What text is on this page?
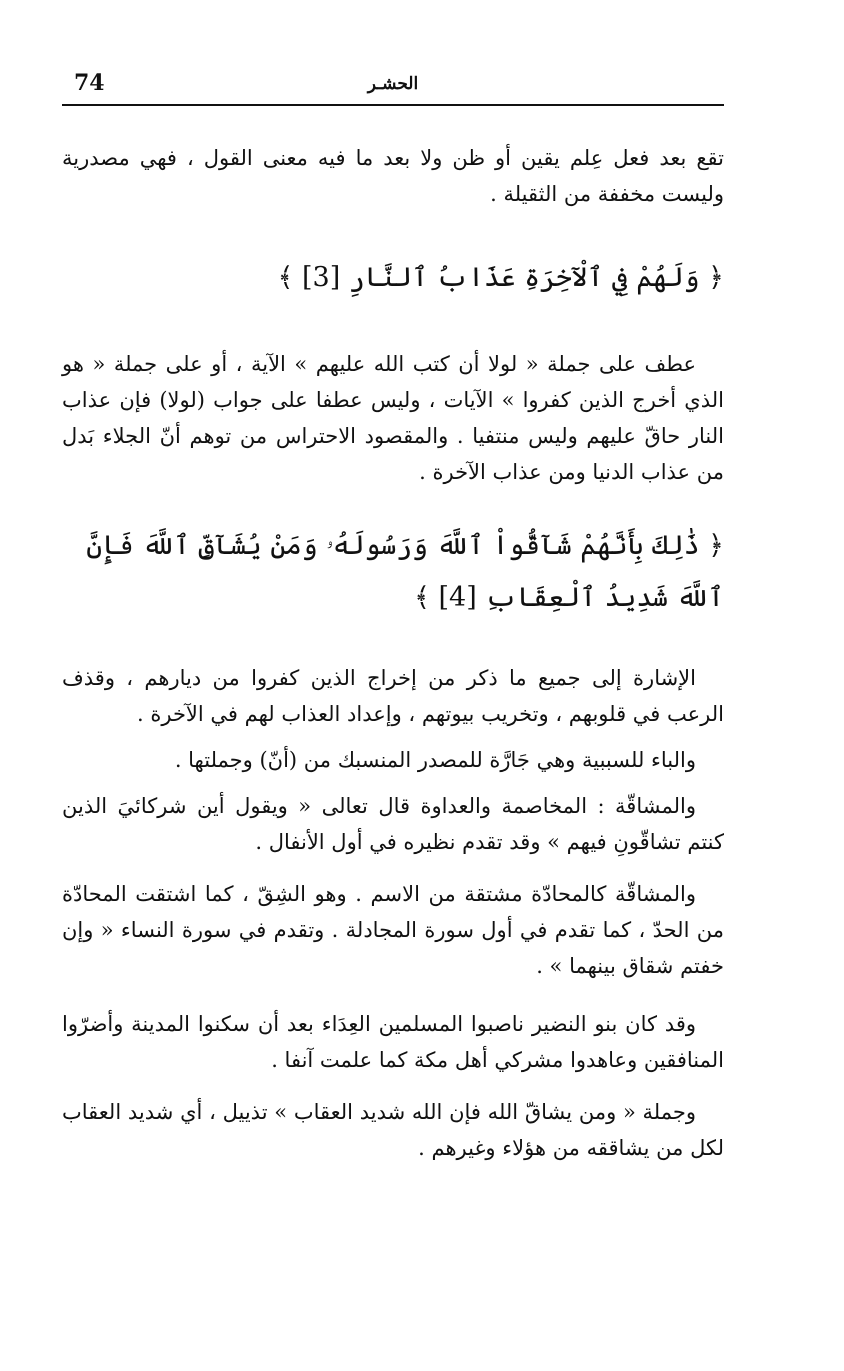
74	الحشـر

تقع بعد فعل عِلم يقين أو ظن ولا بعد ما فيه معنى القول ، فهي مصدرية وليست مخففة من الثقيلة .

﴿ وَلَهُمْ فِي ٱلْآخِرَةِ عَذَابُ ٱلنَّارِ [3] ﴾

عطف على جملة « لولا أن كتب الله عليهم » الآية ، أو على جملة « هو الذي أخرج الذين كفروا » الآيات ، وليس عطفا على جواب (لولا) فإن عذاب النار حاقّ عليهم وليس منتفيا . والمقصود الاحتراس من توهم أنّ الجلاء بَدل من عذاب الدنيا ومن عذاب الآخرة .

﴿ ذَٰلِكَ بِأَنَّهُمْ شَآقُّواْ ٱللَّهَ وَرَسُولَهُۥ وَمَنْ يُشَآقِّ ٱللَّهَ فَإِنَّ ٱللَّهَ شَدِيدُ ٱلْعِقَابِ [4] ﴾

الإشارة إلى جميع ما ذكر من إخراج الذين كفروا من ديارهم ، وقذف الرعب في قلوبهم ، وتخريب بيوتهم ، وإعداد العذاب لهم في الآخرة .

والباء للسببية وهي جَارَّة للمصدر المنسبك من (أنّ) وجملتها .

والمشاقّة : المخاصمة والعداوة قال تعالى « ويقول أين شركائيَ الذين كنتم تشاقّونِ فيهم » وقد تقدم نظيره في أول الأنفال .

والمشاقّة كالمحادّة مشتقة من الاسم . وهو الشِقّ ، كما اشتقت المحادّة من الحدّ ، كما تقدم في أول سورة المجادلة . وتقدم في سورة النساء « وإن خفتم شقاق بينهما » .

وقد كان بنو النضير ناصبوا المسلمين العِدَاء بعد أن سكنوا المدينة وأضرّوا المنافقين وعاهدوا مشركي أهل مكة كما علمت آنفا .

وجملة « ومن يشاقّ الله فإن الله شديد العقاب » تذييل ، أي شديد العقاب لكل من يشاققه من هؤلاء وغيرهم .
